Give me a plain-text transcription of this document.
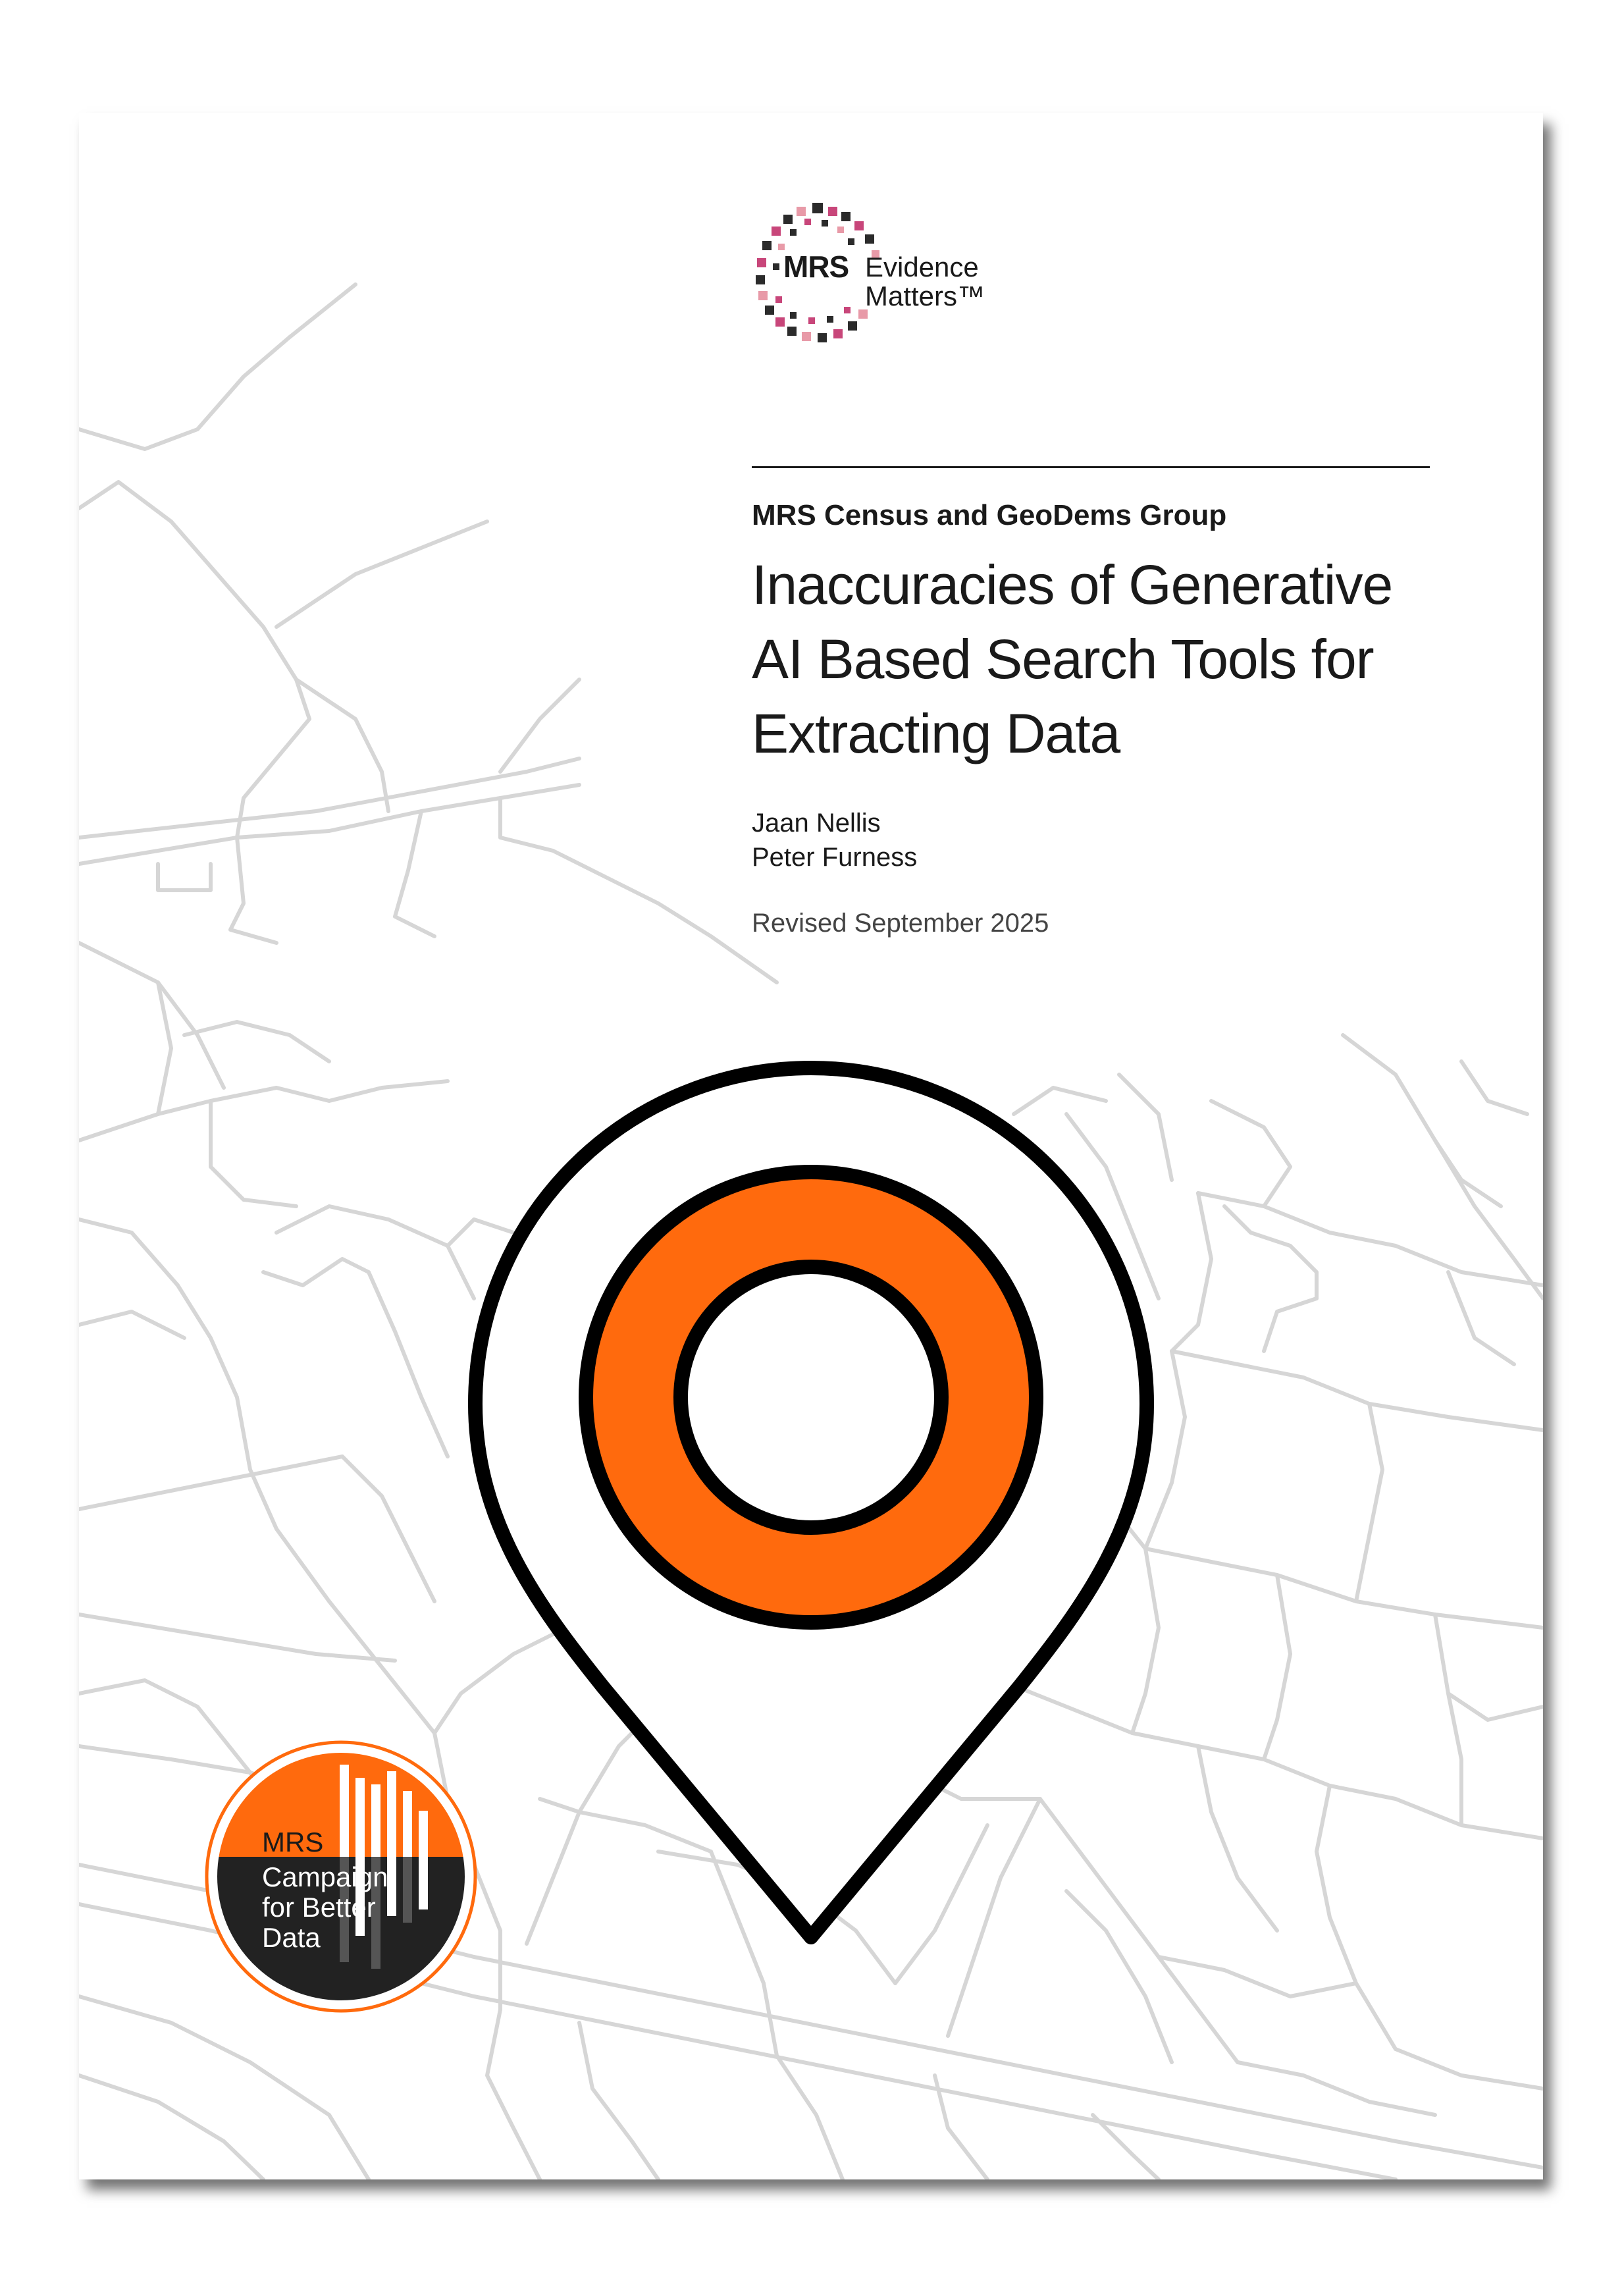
MRS Evidence
Matters™
MRS Census and GeoDems Group
Inaccuracies of Generative
AI Based Search Tools for
Extracting Data
Jaan Nellis
Peter Furness
Revised September 2025
MRS
Campaign
for Better
Data
